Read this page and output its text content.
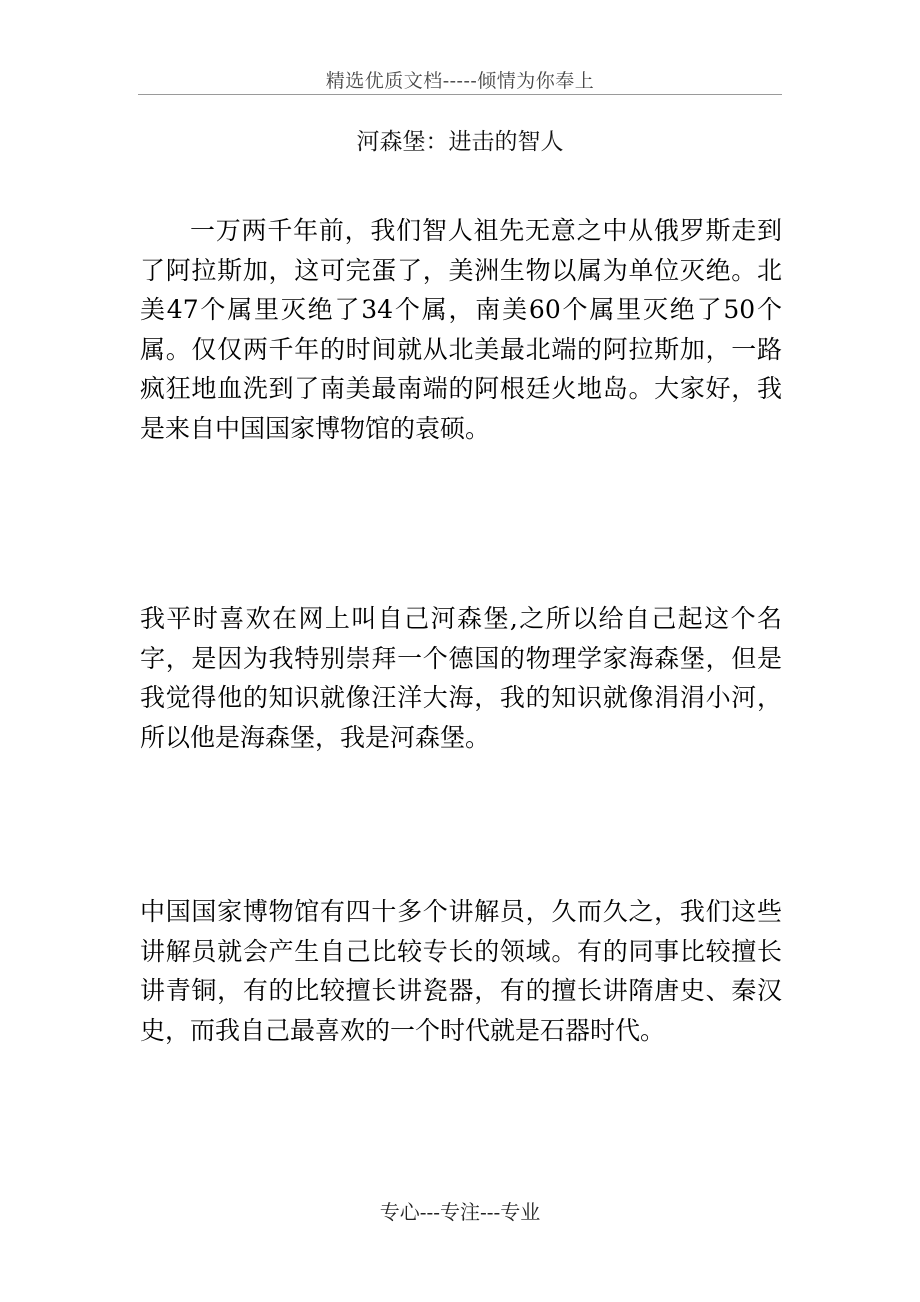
精选优质文档-----倾情为你奉上
河森堡：进击的智人
一万两千年前，我们智人祖先无意之中从俄罗斯走到了阿拉斯加，这可完蛋了，美洲生物以属为单位灭绝。北美47个属里灭绝了34个属，南美60个属里灭绝了50个属。仅仅两千年的时间就从北美最北端的阿拉斯加，一路疯狂地血洗到了南美最南端的阿根廷火地岛。大家好，我是来自中国国家博物馆的袁硕。
我平时喜欢在网上叫自己河森堡,之所以给自己起这个名字，是因为我特别崇拜一个德国的物理学家海森堡，但是我觉得他的知识就像汪洋大海，我的知识就像涓涓小河，所以他是海森堡，我是河森堡。
中国国家博物馆有四十多个讲解员，久而久之，我们这些讲解员就会产生自己比较专长的领域。有的同事比较擅长讲青铜，有的比较擅长讲瓷器，有的擅长讲隋唐史、秦汉史，而我自己最喜欢的一个时代就是石器时代。
专心---专注---专业
